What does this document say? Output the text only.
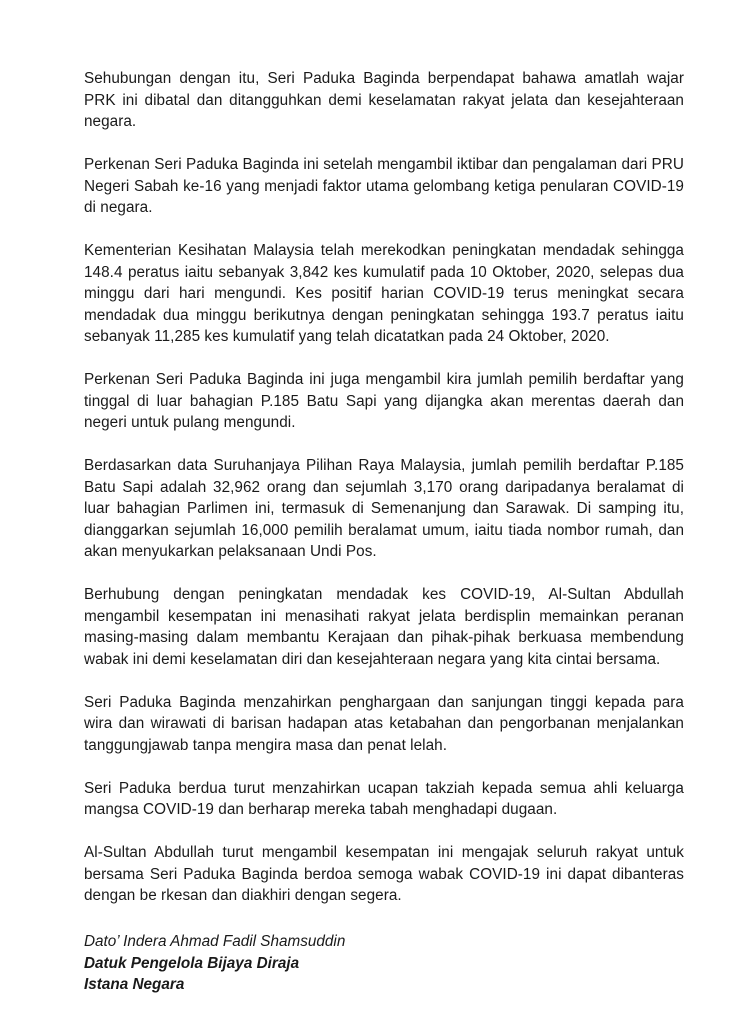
Sehubungan dengan itu, Seri Paduka Baginda berpendapat bahawa amatlah wajar PRK ini dibatal dan ditangguhkan demi keselamatan rakyat jelata dan kesejahteraan negara.

Perkenan Seri Paduka Baginda ini setelah mengambil iktibar dan pengalaman dari PRU Negeri Sabah ke-16 yang menjadi faktor utama gelombang ketiga penularan COVID-19 di negara.

Kementerian Kesihatan Malaysia telah merekodkan peningkatan mendadak sehingga 148.4 peratus iaitu sebanyak 3,842 kes kumulatif pada 10 Oktober, 2020, selepas dua minggu dari hari mengundi. Kes positif harian COVID-19 terus meningkat secara mendadak dua minggu berikutnya dengan peningkatan sehingga 193.7 peratus iaitu sebanyak 11,285 kes kumulatif yang telah dicatatkan pada 24 Oktober, 2020.

Perkenan Seri Paduka Baginda ini juga mengambil kira jumlah pemilih berdaftar yang tinggal di luar bahagian P.185 Batu Sapi yang dijangka akan merentas daerah dan negeri untuk pulang mengundi.

Berdasarkan data Suruhanjaya Pilihan Raya Malaysia, jumlah pemilih berdaftar P.185 Batu Sapi adalah 32,962 orang dan sejumlah 3,170 orang daripadanya beralamat di luar bahagian Parlimen ini, termasuk di Semenanjung dan Sarawak. Di samping itu, dianggarkan sejumlah 16,000 pemilih beralamat umum, iaitu tiada nombor rumah, dan akan menyukarkan pelaksanaan Undi Pos.

Berhubung dengan peningkatan mendadak kes COVID-19, Al-Sultan Abdullah mengambil kesempatan ini menasihati rakyat jelata berdisplin memainkan peranan masing-masing dalam membantu Kerajaan dan pihak-pihak berkuasa membendung wabak ini demi keselamatan diri dan kesejahteraan negara yang kita cintai bersama.

Seri Paduka Baginda menzahirkan penghargaan dan sanjungan tinggi kepada para wira dan wirawati di barisan hadapan atas ketabahan dan pengorbanan menjalankan tanggungjawab tanpa mengira masa dan penat lelah.

Seri Paduka berdua turut menzahirkan ucapan takziah kepada semua ahli keluarga mangsa COVID-19 dan berharap mereka tabah menghadapi dugaan.

Al-Sultan Abdullah turut mengambil kesempatan ini mengajak seluruh rakyat untuk bersama Seri Paduka Baginda berdoa semoga wabak COVID-19 ini dapat dibanteras dengan be rkesan dan diakhiri dengan segera.

Dato’ Indera Ahmad Fadil Shamsuddin
Datuk Pengelola Bijaya Diraja
Istana Negara
